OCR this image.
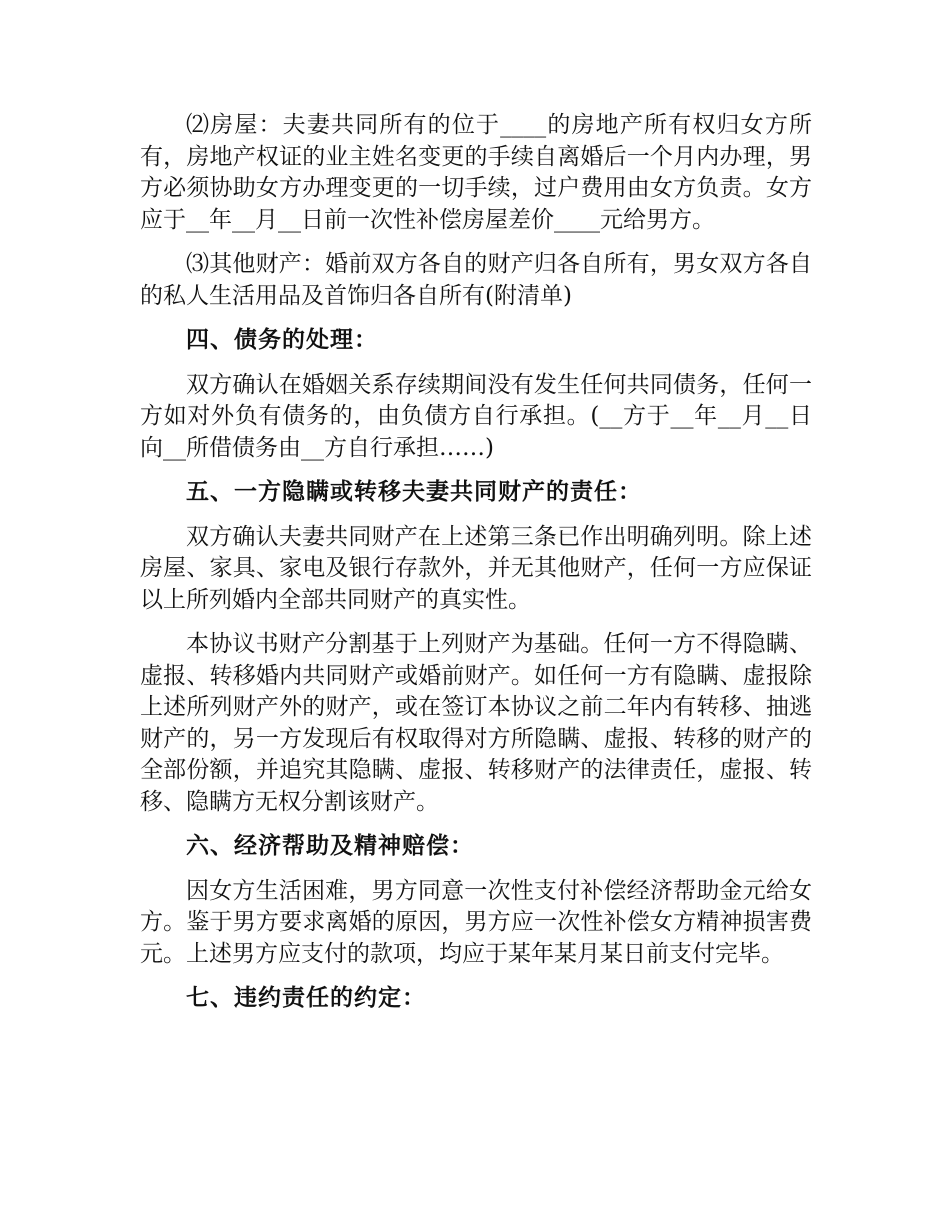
⑵房屋：夫妻共同所有的位于____的房地产所有权归女方所有，房地产权证的业主姓名变更的手续自离婚后一个月内办理，男方必须协助女方办理变更的一切手续，过户费用由女方负责。女方应于__年__月__日前一次性补偿房屋差价____元给男方。

⑶其他财产：婚前双方各自的财产归各自所有，男女双方各自的私人生活用品及首饰归各自所有(附清单)

四、债务的处理：

双方确认在婚姻关系存续期间没有发生任何共同债务，任何一方如对外负有债务的，由负债方自行承担。(__方于__年__月__日向__所借债务由__方自行承担……)

五、一方隐瞒或转移夫妻共同财产的责任：

双方确认夫妻共同财产在上述第三条已作出明确列明。除上述房屋、家具、家电及银行存款外，并无其他财产，任何一方应保证以上所列婚内全部共同财产的真实性。

本协议书财产分割基于上列财产为基础。任何一方不得隐瞒、虚报、转移婚内共同财产或婚前财产。如任何一方有隐瞒、虚报除上述所列财产外的财产，或在签订本协议之前二年内有转移、抽逃财产的，另一方发现后有权取得对方所隐瞒、虚报、转移的财产的全部份额，并追究其隐瞒、虚报、转移财产的法律责任，虚报、转移、隐瞒方无权分割该财产。

六、经济帮助及精神赔偿：

因女方生活困难，男方同意一次性支付补偿经济帮助金元给女方。鉴于男方要求离婚的原因，男方应一次性补偿女方精神损害费元。上述男方应支付的款项，均应于某年某月某日前支付完毕。

七、违约责任的约定：
